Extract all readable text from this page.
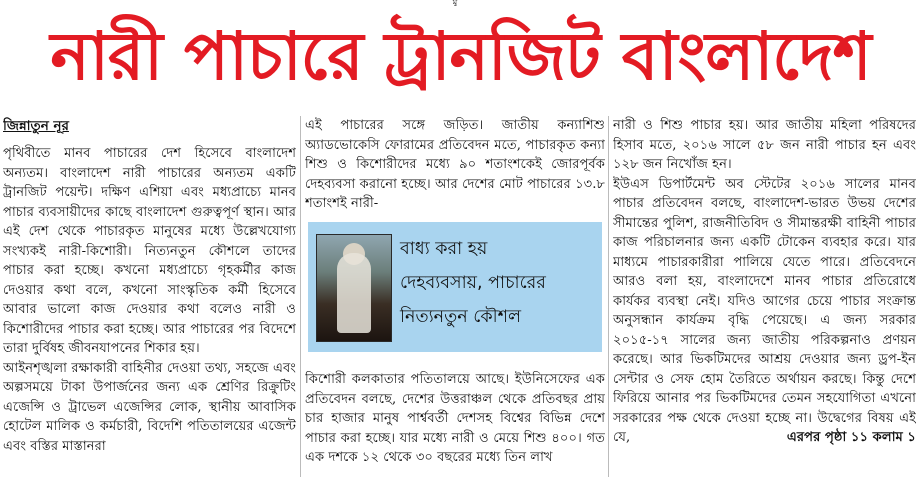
মু
নারী পাচারে ট্রানজিট বাংলাদেশ
জিন্নাতুন নূর

পৃথিবীতে মানব পাচারের দেশ হিসেবে বাংলাদেশ অন্যতম। বাংলাদেশ নারী পাচারের অন্যতম একটি ট্রানজিট পয়েন্ট। দক্ষিণ এশিয়া এবং মধ্যপ্রাচ্যে মানব পাচার ব্যবসায়ীদের কাছে বাংলাদেশ গুরুত্বপূর্ণ স্থান। আর এই দেশ থেকে পাচারকৃত মানুষের মধ্যে উল্লেখযোগ্য সংখ্যকই নারী-কিশোরী। নিত্যনতুন কৌশলে তাদের পাচার করা হচ্ছে। কখনো মধ্যপ্রাচ্যে গৃহকর্মীর কাজ দেওয়ার কথা বলে, কখনো সাংস্কৃতিক কর্মী হিসেবে আবার ভালো কাজ দেওয়ার কথা বলেও নারী ও কিশোরীদের পাচার করা হচ্ছে। আর পাচারের পর বিদেশে তারা দুর্বিষহ জীবনযাপনের শিকার হয়।

আইনশৃঙ্খলা রক্ষাকারী বাহিনীর দেওয়া তথ্য, সহজে এবং অল্পসময়ে টাকা উপার্জনের জন্য এক শ্রেণির রিক্রুটিং এজেন্সি ও ট্রাভেল এজেন্সির লোক, স্থানীয় আবাসিক হোটেল মালিক ও কর্মচারী, বিদেশি পতিতালয়ের এজেন্ট এবং বস্তির মাস্তানরা

এই পাচারের সঙ্গে জড়িত। জাতীয় কন্যাশিশু অ্যাডভোকেসি ফোরামের প্রতিবেদন মতে, পাচারকৃত কন্যা শিশু ও কিশোরীদের মধ্যে ৯০ শতাংশকেই জোরপূর্বক দেহব্যবসা করানো হচ্ছে। আর দেশের মোট পাচারের ১৩.৮ শতাংশই নারী-

বাধ্য করা হয়
দেহব্যবসায়, পাচারের
নিত্যনতুন কৌশল

কিশোরী কলকাতার পতিতালয়ে আছে। ইউনিসেফের এক প্রতিবেদন বলছে, দেশের উত্তরাঞ্চল থেকে প্রতিবছর প্রায় চার হাজার মানুষ পার্শ্ববর্তী দেশসহ বিশ্বের বিভিন্ন দেশে পাচার করা হচ্ছে। যার মধ্যে নারী ও মেয়ে শিশু ৪০০। গত এক দশকে ১২ থেকে ৩০ বছরের মধ্যে তিন লাখ

নারী ও শিশু পাচার হয়। আর জাতীয় মহিলা পরিষদের হিসাব মতে, ২০১৬ সালে ৫৮ জন নারী পাচার হন এবং ১২৮ জন নিখোঁজ হন।

ইউএস ডিপার্টমেন্ট অব স্টেটের ২০১৬ সালের মানব পাচার প্রতিবেদন বলছে, বাংলাদেশ-ভারত উভয় দেশের সীমান্তের পুলিশ, রাজনীতিবিদ ও সীমান্তরক্ষী বাহিনী পাচার কাজ পরিচালনার জন্য একটি টোকেন ব্যবহার করে। যার মাধ্যমে পাচারকারীরা পালিয়ে যেতে পারে। প্রতিবেদনে আরও বলা হয়, বাংলাদেশে মানব পাচার প্রতিরোধে কার্যকর ব্যবস্থা নেই। যদিও আগের চেয়ে পাচার সংক্রান্ত অনুসন্ধান কার্যক্রম বৃদ্ধি পেয়েছে। এ জন্য সরকার ২০১৫-১৭ সালের জন্য জাতীয় পরিকল্পনাও প্রণয়ন করেছে। আর ভিকটিমদের আশ্রয় দেওয়ার জন্য ড্রপ-ইন সেন্টার ও সেফ হোম তৈরিতে অর্থায়ন করছে। কিন্তু দেশে ফিরিয়ে আনার পর ভিকটিমদের তেমন সহযোগিতা এখনো সরকারের পক্ষ থেকে দেওয়া হচ্ছে না। উদ্বেগের বিষয় এই যে,	এরপর পৃষ্ঠা ১১ কলাম ১
